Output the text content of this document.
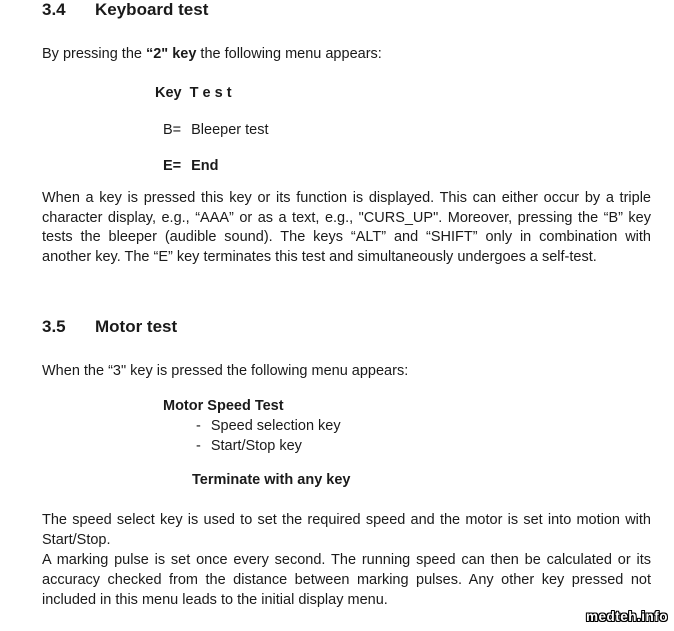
3.4	Keyboard test
By pressing the “2" key the following menu appears:
Key  T e s t
B= Bleeper test
E= End
When a key is pressed this key or its function is displayed. This can either occur by a triple character display, e.g., “AAA” or as a text, e.g., "CURS_UP". Moreover, pressing the “B” key tests the bleeper (audible sound). The keys “ALT” and “SHIFT” only in combination with another key. The “E” key terminates this test and simultaneously undergoes a self-test.
3.5	Motor test
When the “3" key is pressed the following menu appears:
Motor Speed Test
- Speed selection key
- Start/Stop key
Terminate with any key
The speed select key is used to set the required speed and the motor is set into motion with Start/Stop.
A marking pulse is set once every second. The running speed can then be calculated or its accuracy checked from the distance between marking pulses. Any other key pressed not included in this menu leads to the initial display menu.
medteh.info
